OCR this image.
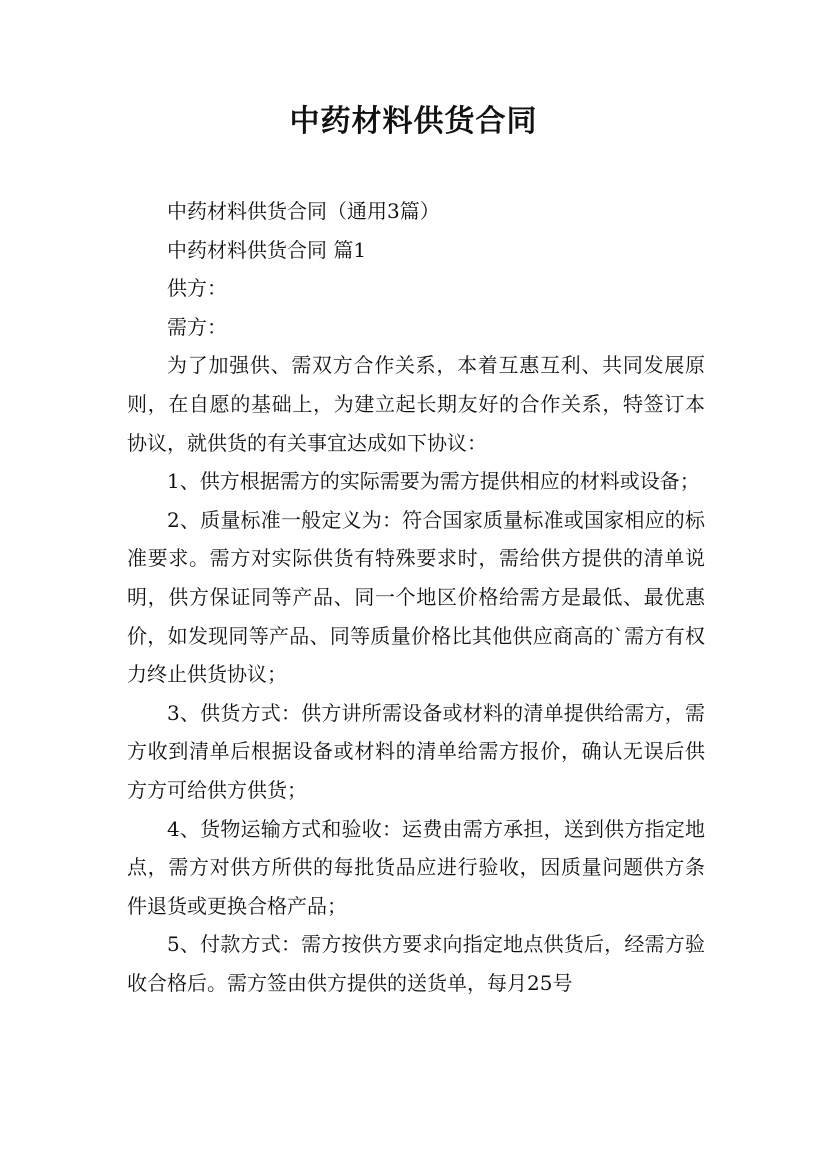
中药材料供货合同

中药材料供货合同（通用3篇）

中药材料供货合同 篇1

供方：

需方：

为了加强供、需双方合作关系，本着互惠互利、共同发展原则，在自愿的基础上，为建立起长期友好的合作关系，特签订本协议，就供货的有关事宜达成如下协议：

1、供方根据需方的实际需要为需方提供相应的材料或设备；

2、质量标准一般定义为：符合国家质量标准或国家相应的标准要求。需方对实际供货有特殊要求时，需给供方提供的清单说明，供方保证同等产品、同一个地区价格给需方是最低、最优惠价，如发现同等产品、同等质量价格比其他供应商高的`需方有权力终止供货协议；

3、供货方式：供方讲所需设备或材料的清单提供给需方，需方收到清单后根据设备或材料的清单给需方报价，确认无误后供方方可给供方供货；

4、货物运输方式和验收：运费由需方承担，送到供方指定地点，需方对供方所供的每批货品应进行验收，因质量问题供方条件退货或更换合格产品；

5、付款方式：需方按供方要求向指定地点供货后，经需方验收合格后。需方签由供方提供的送货单，每月25号
